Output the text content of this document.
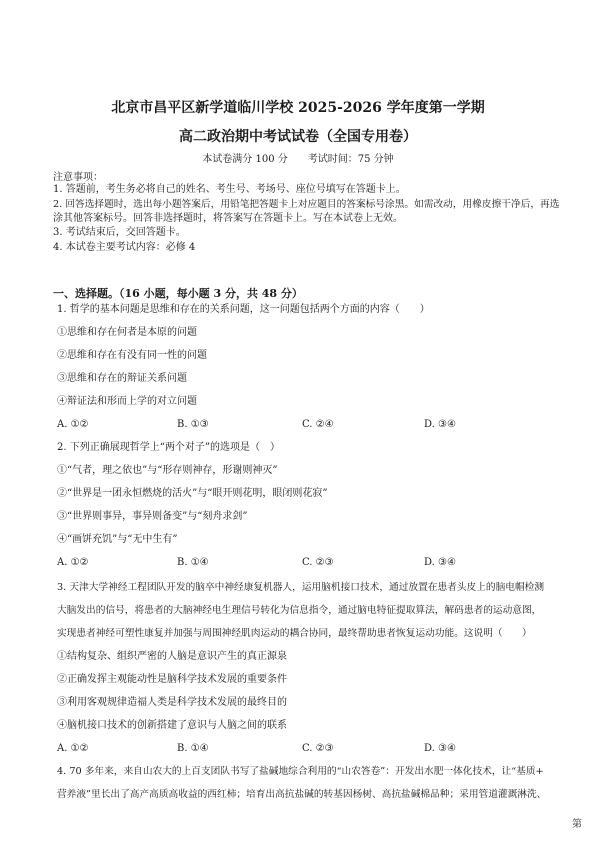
北京市昌平区新学道临川学校 2025-2026 学年度第一学期
高二政治期中考试试卷（全国专用卷）
本试卷满分 100 分　　考试时间：75 分钟
注意事项：
1. 答题前，考生务必将自己的姓名、考生号、考场号、座位号填写在答题卡上。
2. 回答选择题时，选出每小题答案后，用铅笔把答题卡上对应题目的答案标号涂黑。如需改动，用橡皮擦干净后，再选
涂其他答案标号。回答非选择题时，将答案写在答题卡上。写在本试卷上无效。
3. 考试结束后，交回答题卡。
4. 本试卷主要考试内容：必修 4
一、选择题。（16 小题，每小题 3 分，共 48 分）
1. 哲学的基本问题是思维和存在的关系问题，这一问题包括两个方面的内容（　　）
①思维和存在何者是本原的问题
②思维和存在有没有同一性的问题
③思维和存在的辩证关系问题
④辩证法和形而上学的对立问题
A. ①②	B. ①③	C. ②④	D. ③④
2. 下列正确展现哲学上“两个对子”的选项是（　）
①“气者，理之依也”与“形存则神存，形谢则神灭”
②“世界是一团永恒燃烧的活火”与“眼开则花明，眼闭则花寂”
③“世界则事异，事异则备变”与“刻舟求剑”
④“画饼充饥”与“无中生有”
A. ①②	B. ①④	C. ②③	D. ③④
3. 天津大学神经工程团队开发的脑卒中神经康复机器人，运用脑机接口技术，通过放置在患者头皮上的脑电帽检测
大脑发出的信号，将患者的大脑神经电生理信号转化为信息指令，通过脑电特征提取算法，解码患者的运动意图，
实现患者神经可塑性康复并加强与周围神经肌肉运动的耦合协同，最终帮助患者恢复运动功能。这说明（　　）
①结构复杂、组织严密的人脑是意识产生的真正源泉
②正确发挥主观能动性是脑科学技术发展的重要条件
③利用客观规律造福人类是科学技术发展的最终目的
④脑机接口技术的创新搭建了意识与人脑之间的联系
A. ①②	B. ①④	C. ②③	D. ③④
4. 70 多年来，来自山农大的上百支团队书写了盐碱地综合利用的“山农答卷”：开发出水肥一体化技术，让“基质+
营养液”里长出了高产高质高收益的西红柿；培育出高抗盐碱的转基因杨树、高抗盐碱棉品种；采用管道灌溉淋洗、
第
